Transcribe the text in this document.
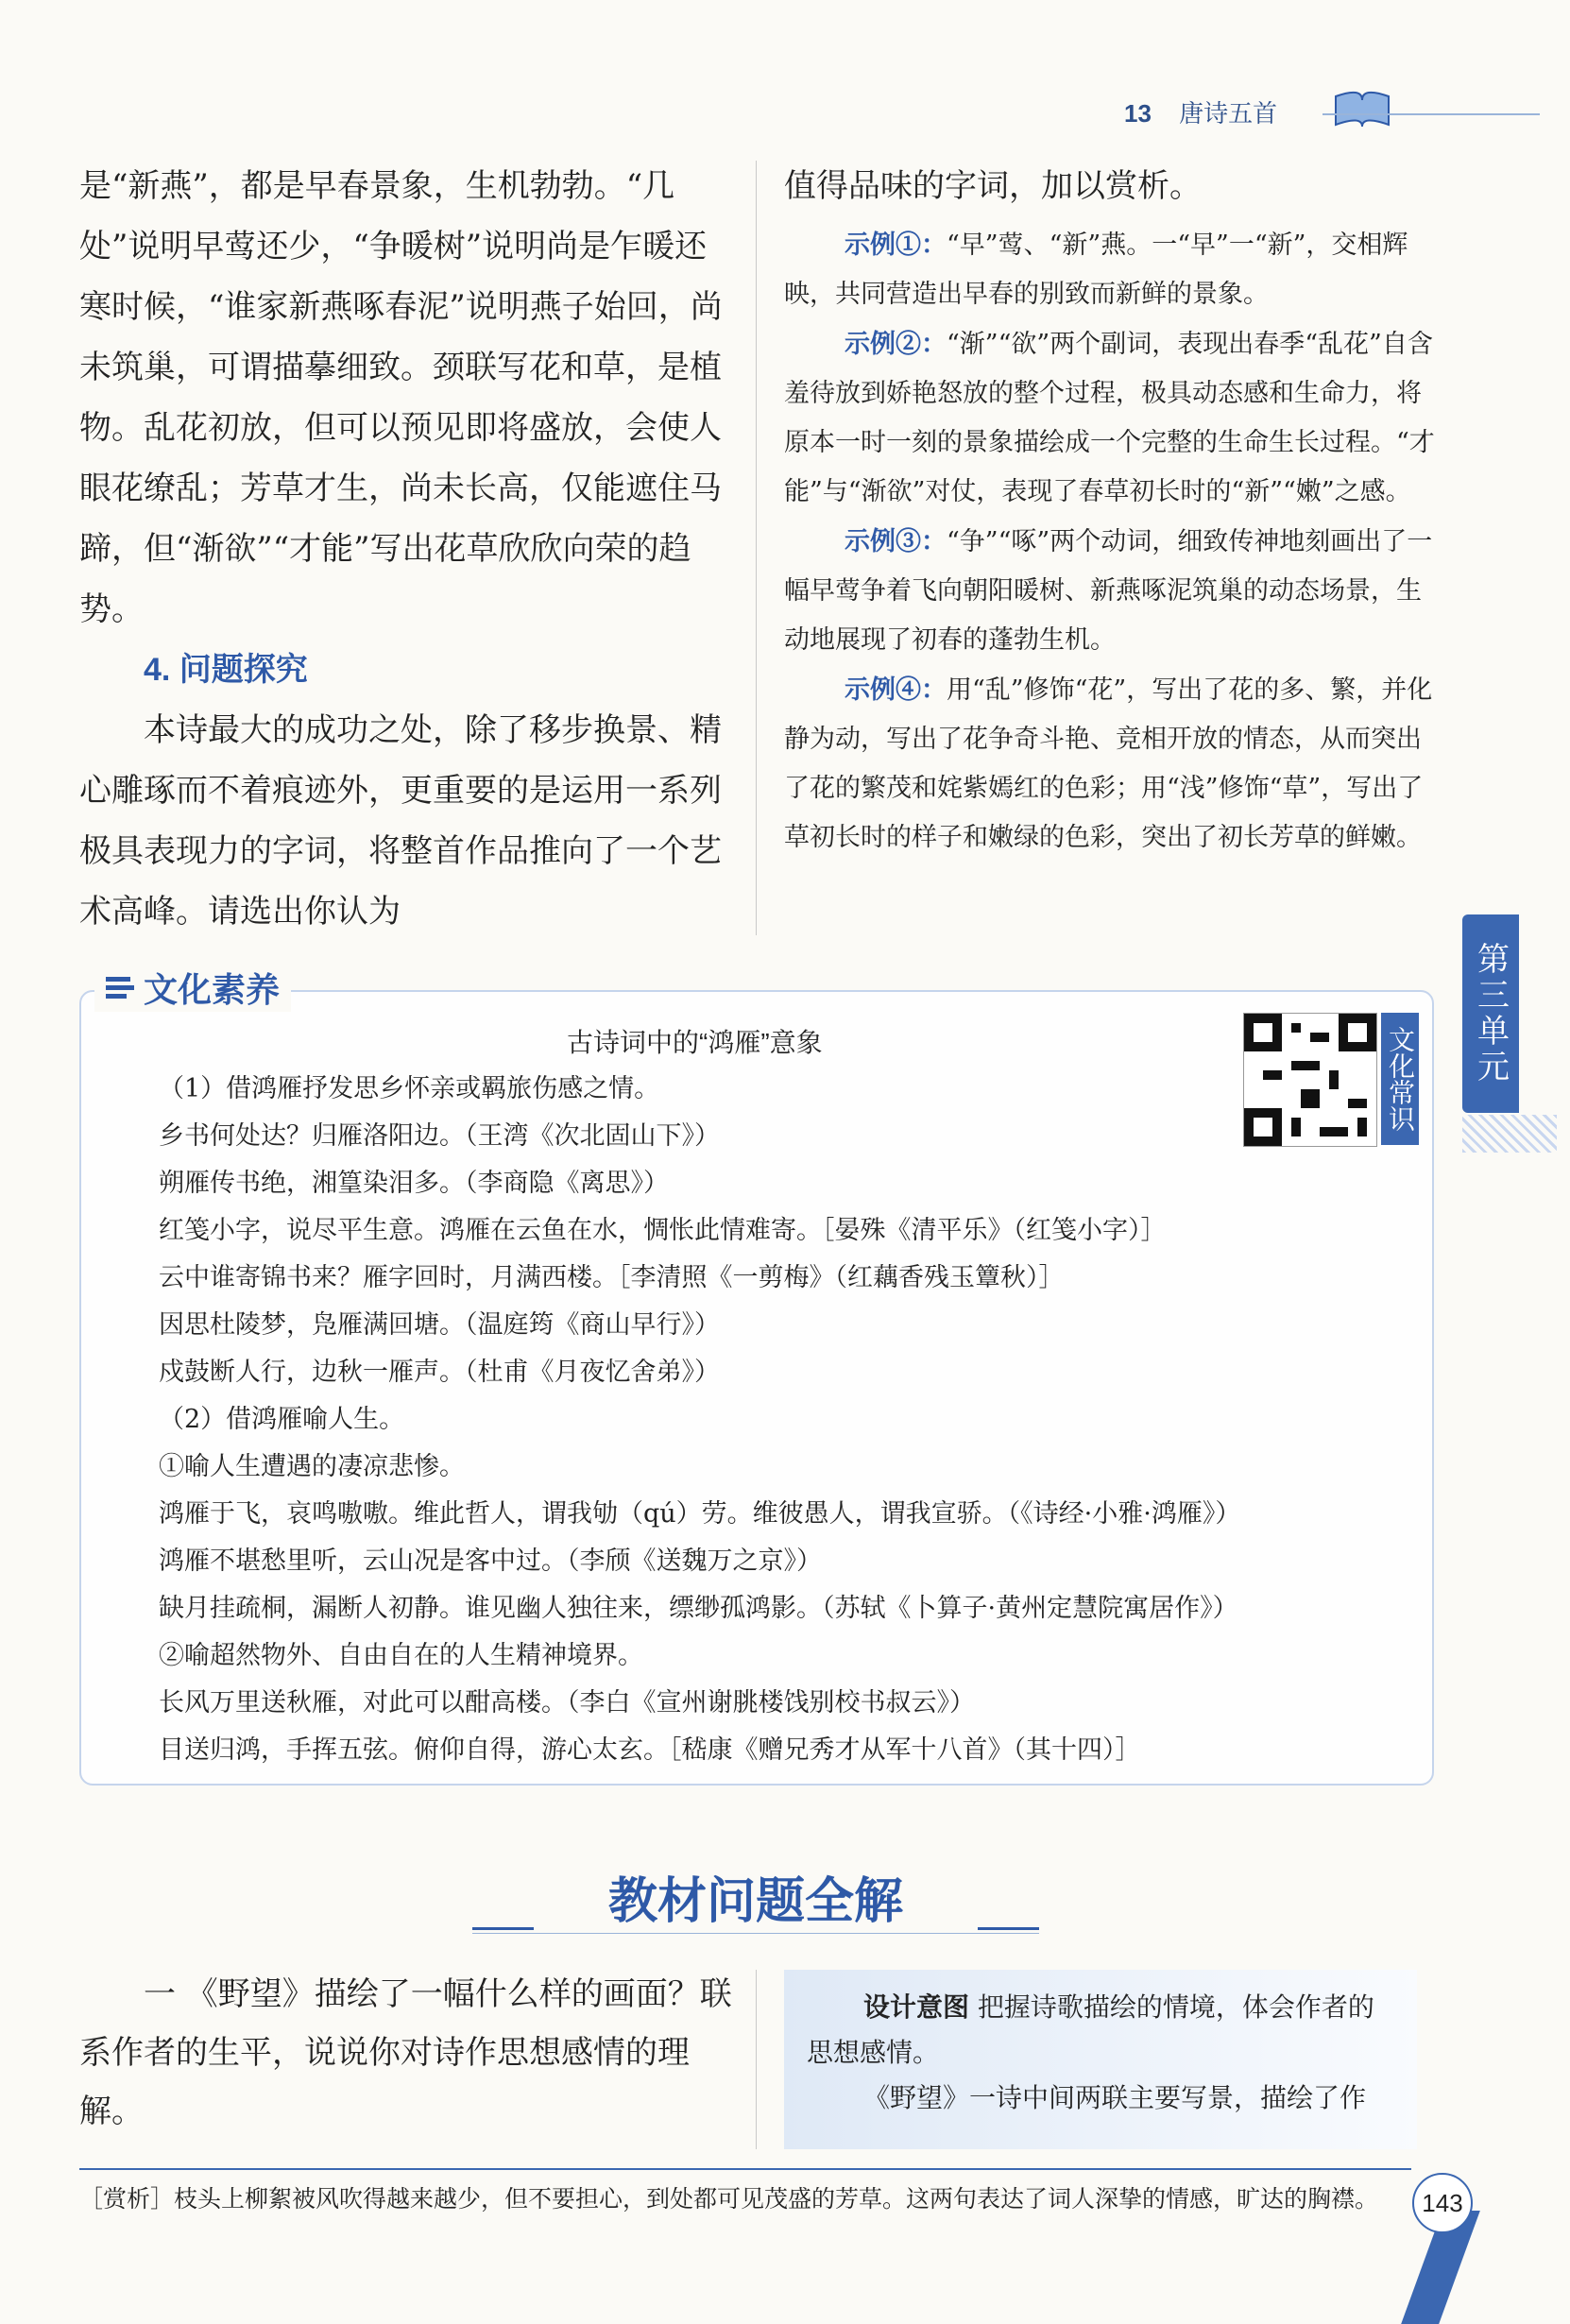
13 唐诗五首

是“新燕”，都是早春景象，生机勃勃。“几处”说明早莺还少，“争暖树”说明尚是乍暖还寒时候，“谁家新燕啄春泥”说明燕子始回，尚未筑巢，可谓描摹细致。颈联写花和草，是植物。乱花初放，但可以预见即将盛放，会使人眼花缭乱；芳草才生，尚未长高，仅能遮住马蹄，但“渐欲”“才能”写出花草欣欣向荣的趋势。

4. 问题探究

本诗最大的成功之处，除了移步换景、精心雕琢而不着痕迹外，更重要的是运用一系列极具表现力的字词，将整首作品推向了一个艺术高峰。请选出你认为

值得品味的字词，加以赏析。

示例①：“早”莺、“新”燕。一“早”一“新”，交相辉映，共同营造出早春的别致而新鲜的景象。

示例②：“渐”“欲”两个副词，表现出春季“乱花”自含羞待放到娇艳怒放的整个过程，极具动态感和生命力，将原本一时一刻的景象描绘成一个完整的生命生长过程。“才能”与“渐欲”对仗，表现了春草初长时的“新”“嫩”之感。

示例③：“争”“啄”两个动词，细致传神地刻画出了一幅早莺争着飞向朝阳暖树、新燕啄泥筑巢的动态场景，生动地展现了初春的蓬勃生机。

示例④：用“乱”修饰“花”，写出了花的多、繁，并化静为动，写出了花争奇斗艳、竞相开放的情态，从而突出了花的繁茂和姹紫嫣红的色彩；用“浅”修饰“草”，写出了草初长时的样子和嫩绿的色彩，突出了初长芳草的鲜嫩。

第三单元
文化素养
古诗词中的“鸿雁”意象	文化常识
（1）借鸿雁抒发思乡怀亲或羁旅伤感之情。
乡书何处达？归雁洛阳边。（王湾《次北固山下》）
朔雁传书绝，湘篁染泪多。（李商隐《离思》）
红笺小字，说尽平生意。鸿雁在云鱼在水，惆怅此情难寄。［晏殊《清平乐》（红笺小字）］
云中谁寄锦书来？雁字回时，月满西楼。［李清照《一剪梅》（红藕香残玉簟秋）］
因思杜陵梦，凫雁满回塘。（温庭筠《商山早行》）
戍鼓断人行，边秋一雁声。（杜甫《月夜忆舍弟》）
（2）借鸿雁喻人生。
①喻人生遭遇的凄凉悲惨。
鸿雁于飞，哀鸣嗷嗷。维此哲人，谓我劬（qú）劳。维彼愚人，谓我宣骄。（《诗经·小雅·鸿雁》）
鸿雁不堪愁里听，云山况是客中过。（李颀《送魏万之京》）
缺月挂疏桐，漏断人初静。谁见幽人独往来，缥缈孤鸿影。（苏轼《卜算子·黄州定慧院寓居作》）
②喻超然物外、自由自在的人生精神境界。
长风万里送秋雁，对此可以酣高楼。（李白《宣州谢朓楼饯别校书叔云》）
目送归鸿，手挥五弦。俯仰自得，游心太玄。［嵇康《赠兄秀才从军十八首》（其十四）］
教材问题全解

一 《野望》描绘了一幅什么样的画面？联系作者的生平，说说你对诗作思想感情的理解。

设计意图 把握诗歌描绘的情境，体会作者的思想感情。

《野望》一诗中间两联主要写景，描绘了作

［赏析］枝头上柳絮被风吹得越来越少，但不要担心，到处都可见茂盛的芳草。这两句表达了词人深挚的情感，旷达的胸襟。	143
